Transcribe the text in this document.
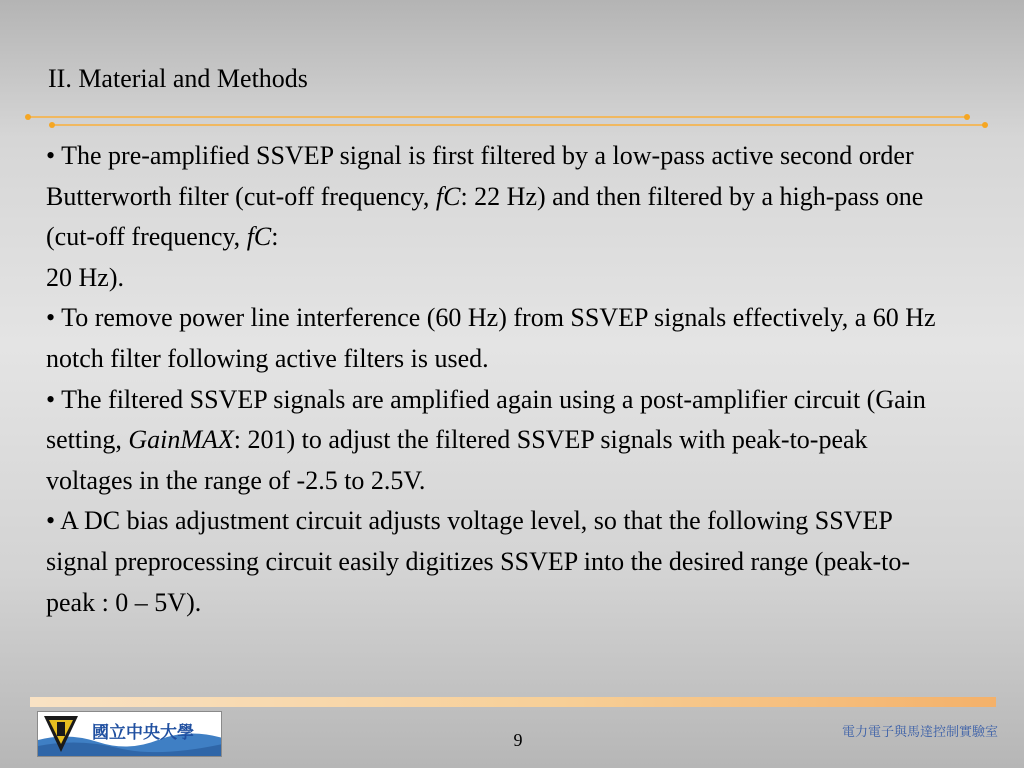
II. Material and Methods

• The pre-amplified SSVEP signal is first filtered by a low-pass active second order Butterworth filter (cut-off frequency, fC: 22 Hz) and then filtered by a high-pass one (cut-off frequency, fC:
20 Hz).

• To remove power line interference (60 Hz) from SSVEP signals effectively, a 60 Hz notch filter following active filters is used.

• The filtered SSVEP signals are amplified again using a post-amplifier circuit (Gain setting, GainMAX: 201) to adjust the filtered SSVEP signals with peak-to-peak voltages in the range of -2.5 to 2.5V.

• A DC bias adjustment circuit adjusts voltage level, so that the following SSVEP signal preprocessing circuit easily digitizes SSVEP into the desired range (peak-to-peak : 0 – 5V).

國立中央大學	9	電力電子與馬達控制實驗室
